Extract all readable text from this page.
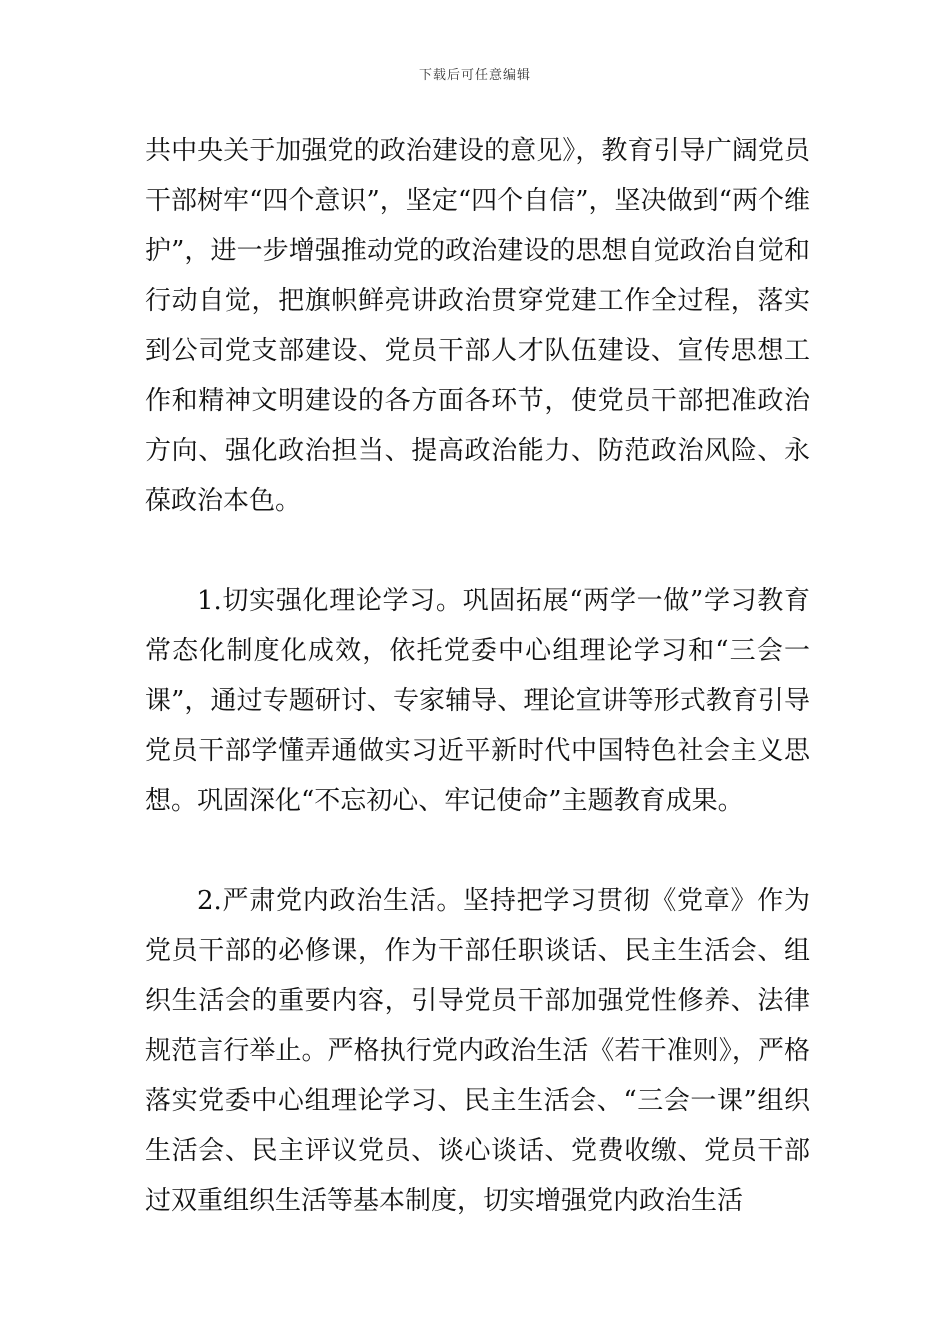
下载后可任意编辑

共中央关于加强党的政治建设的意见》，教育引导广阔党员干部树牢“四个意识”，坚定“四个自信”，坚决做到“两个维护”，进一步增强推动党的政治建设的思想自觉政治自觉和行动自觉，把旗帜鲜亮讲政治贯穿党建工作全过程，落实到公司党支部建设、党员干部人才队伍建设、宣传思想工作和精神文明建设的各方面各环节，使党员干部把准政治方向、强化政治担当、提高政治能力、防范政治风险、永葆政治本色。

1.切实强化理论学习。巩固拓展“两学一做”学习教育常态化制度化成效，依托党委中心组理论学习和“三会一课”，通过专题研讨、专家辅导、理论宣讲等形式教育引导党员干部学懂弄通做实习近平新时代中国特色社会主义思想。巩固深化“不忘初心、牢记使命”主题教育成果。

2.严肃党内政治生活。坚持把学习贯彻《党章》作为党员干部的必修课，作为干部任职谈话、民主生活会、组织生活会的重要内容，引导党员干部加强党性修养、法律规范言行举止。严格执行党内政治生活《若干准则》，严格落实党委中心组理论学习、民主生活会、“三会一课”组织生活会、民主评议党员、谈心谈话、党费收缴、党员干部过双重组织生活等基本制度，切实增强党内政治生活
